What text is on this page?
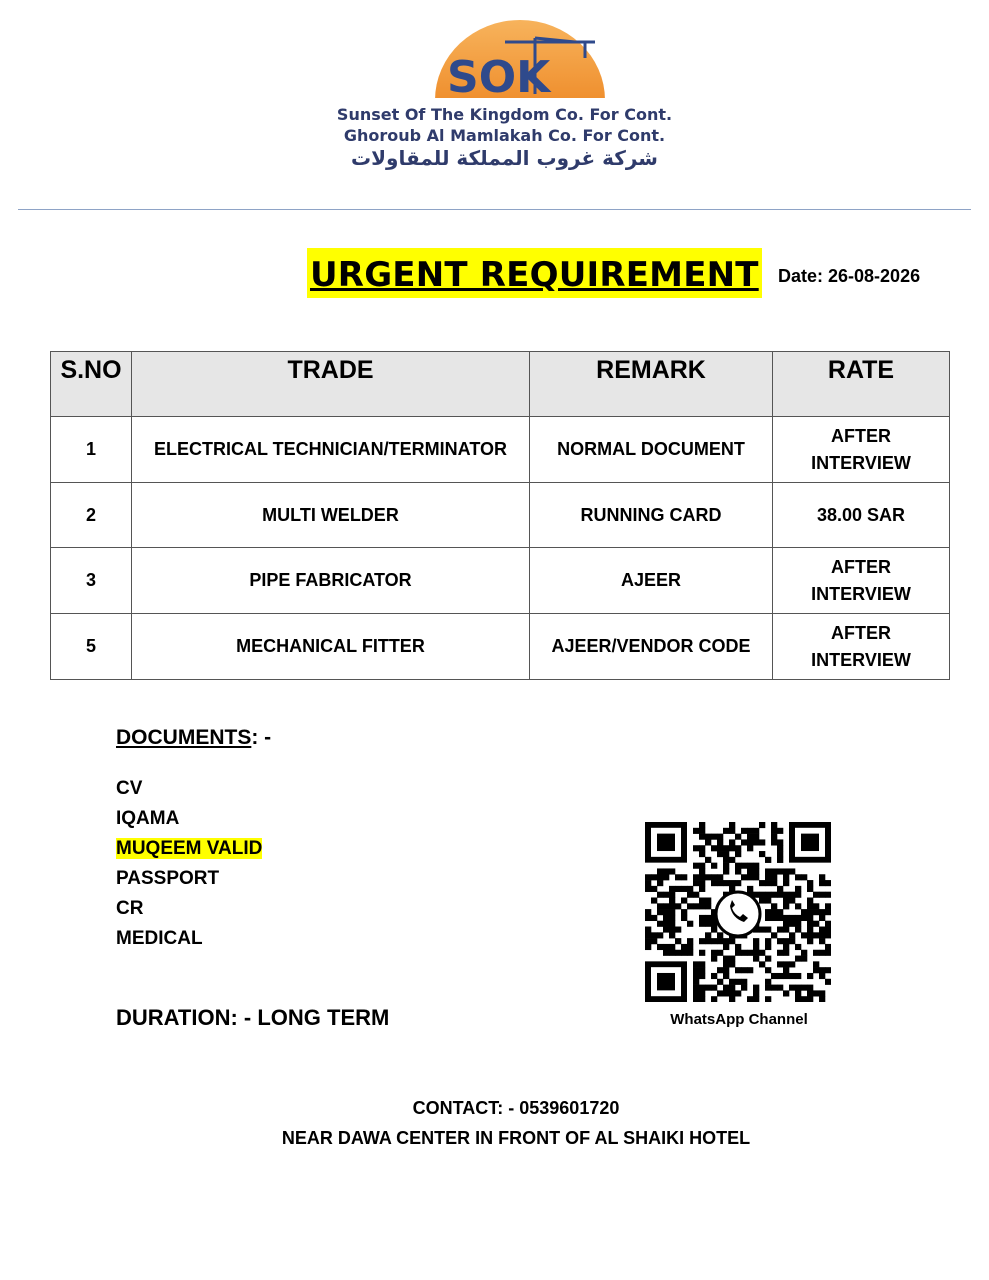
SOK
Sunset Of The Kingdom Co. For Cont.
Ghoroub Al Mamlakah Co. For Cont.
شركة غروب المملكة للمقاولات
URGENT REQUIREMENT Date: 26-08-2026
S.NO	TRADE	REMARK	RATE
1	ELECTRICAL TECHNICIAN/TERMINATOR	NORMAL DOCUMENT	AFTER INTERVIEW
2	MULTI WELDER	RUNNING CARD	38.00 SAR
3	PIPE FABRICATOR	AJEER	AFTER INTERVIEW
5	MECHANICAL FITTER	AJEER/VENDOR CODE	AFTER INTERVIEW
DOCUMENTS: -
CV
IQAMA
MUQEEM VALID
PASSPORT
CR
MEDICAL
DURATION: - LONG TERM	WhatsApp Channel
CONTACT: - 0539601720
NEAR DAWA CENTER IN FRONT OF AL SHAIKI HOTEL
